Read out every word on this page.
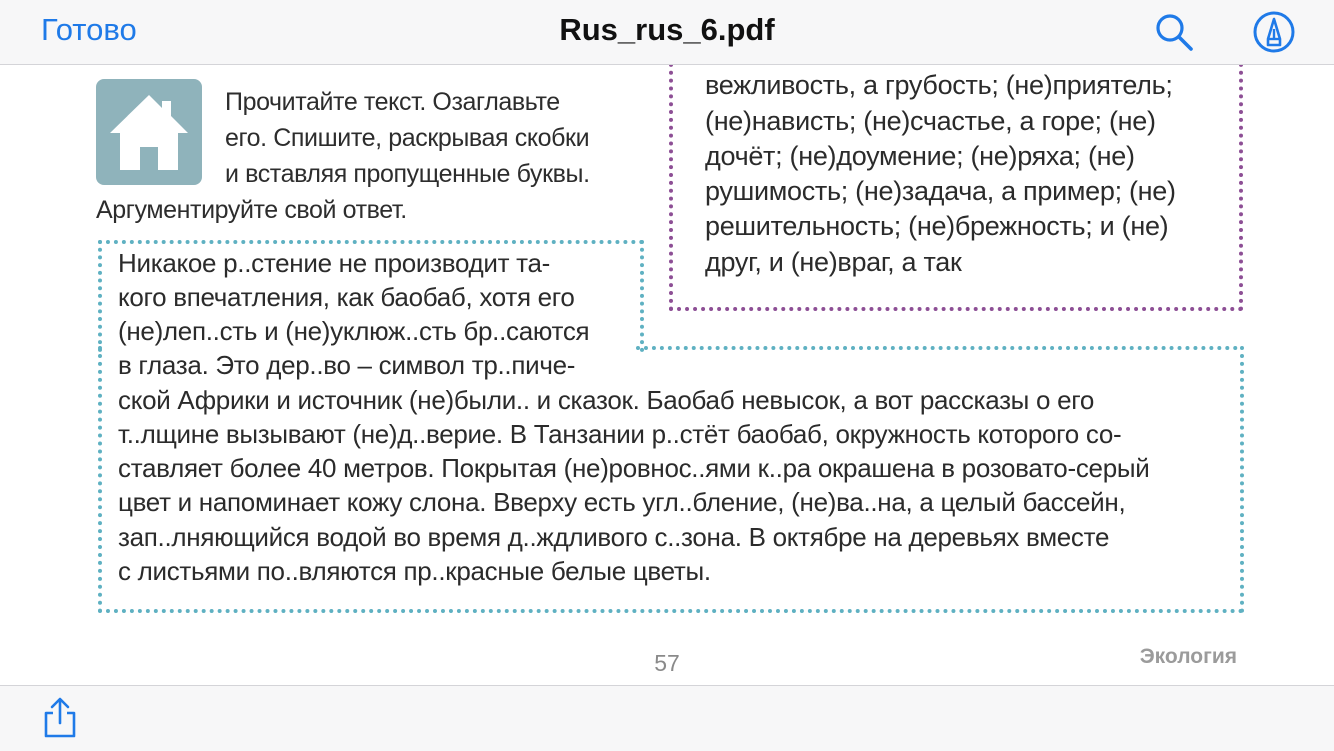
Готово	Rus_rus_6.pdf
Прочитайте текст. Озаглавьте
его. Спишите, раскрывая скобки
и вставляя пропущенные буквы.
Аргументируйте свой ответ.
вежливость, а грубость; (не)приятель;
(не)нависть; (не)счастье, а горе; (не)
дочёт; (не)доумение; (не)ряха; (не)
рушимость; (не)задача, а пример; (не)
решительность; (не)брежность; и (не)
друг, и (не)враг, а так
Никакое р..стение не производит та-
кого впечатления, как баобаб, хотя его
(не)леп..сть и (не)уклюж..сть бр..саются
в глаза. Это дер..во – символ тр..пиче-
ской Африки и источник (не)были.. и сказок. Баобаб невысок, а вот рассказы о его
т..лщине вызывают (не)д..верие. В Танзании р..стёт баобаб, окружность которого со-
ставляет более 40 метров. Покрытая (не)ровнос..ями к..ра окрашена в розовато-серый
цвет и напоминает кожу слона. Вверху есть угл..бление, (не)ва..на, а целый бассейн,
зап..лняющийся водой во время д..ждливого с..зона. В октябре на деревьях вместе
с листьями по..вляются пр..красные белые цветы.
57	Экология
